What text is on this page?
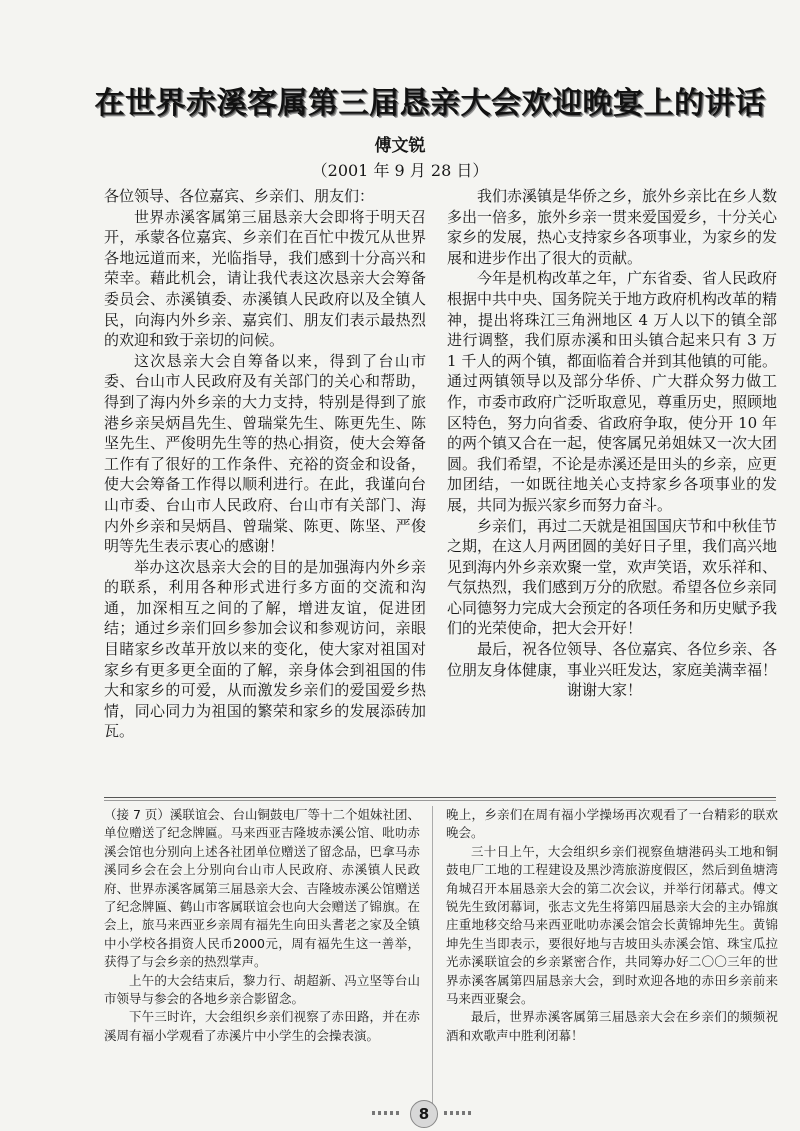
在世界赤溪客属第三届恳亲大会欢迎晚宴上的讲话
傅文锐
（2001 年 9 月 28 日）

各位领导、各位嘉宾、乡亲们、朋友们：

世界赤溪客属第三届恳亲大会即将于明天召开，承蒙各位嘉宾、乡亲们在百忙中拨冗从世界各地远道而来，光临指导，我们感到十分高兴和荣幸。藉此机会，请让我代表这次恳亲大会筹备委员会、赤溪镇委、赤溪镇人民政府以及全镇人民，向海内外乡亲、嘉宾们、朋友们表示最热烈的欢迎和致于亲切的问候。

这次恳亲大会自筹备以来，得到了台山市委、台山市人民政府及有关部门的关心和帮助，得到了海内外乡亲的大力支持，特别是得到了旅港乡亲吴炳昌先生、曾瑞棠先生、陈更先生、陈坚先生、严俊明先生等的热心捐资，使大会筹备工作有了很好的工作条件、充裕的资金和设备，使大会筹备工作得以顺利进行。在此，我谨向台山市委、台山市人民政府、台山市有关部门、海内外乡亲和吴炳昌、曾瑞棠、陈更、陈坚、严俊明等先生表示衷心的感谢！

举办这次恳亲大会的目的是加强海内外乡亲的联系，利用各种形式进行多方面的交流和沟通，加深相互之间的了解，增进友谊，促进团结；通过乡亲们回乡参加会议和参观访问，亲眼目睹家乡改革开放以来的变化，使大家对祖国对家乡有更多更全面的了解，亲身体会到祖国的伟大和家乡的可爱，从而激发乡亲们的爱国爱乡热情，同心同力为祖国的繁荣和家乡的发展添砖加瓦。

我们赤溪镇是华侨之乡，旅外乡亲比在乡人数多出一倍多，旅外乡亲一贯来爱国爱乡，十分关心家乡的发展，热心支持家乡各项事业，为家乡的发展和进步作出了很大的贡献。

今年是机构改革之年，广东省委、省人民政府根据中共中央、国务院关于地方政府机构改革的精神，提出将珠江三角洲地区 4 万人以下的镇全部进行调整，我们原赤溪和田头镇合起来只有 3 万 1 千人的两个镇，都面临着合并到其他镇的可能。通过两镇领导以及部分华侨、广大群众努力做工作，市委市政府广泛听取意见，尊重历史，照顾地区特色，努力向省委、省政府争取，使分开 10 年的两个镇又合在一起，使客属兄弟姐妹又一次大团圆。我们希望，不论是赤溪还是田头的乡亲，应更加团结，一如既往地关心支持家乡各项事业的发展，共同为振兴家乡而努力奋斗。

乡亲们，再过二天就是祖国国庆节和中秋佳节之期，在这人月两团圆的美好日子里，我们高兴地见到海内外乡亲欢聚一堂，欢声笑语，欢乐祥和、气氛热烈，我们感到万分的欣慰。希望各位乡亲同心同德努力完成大会预定的各项任务和历史赋予我们的光荣使命，把大会开好！

最后，祝各位领导、各位嘉宾、各位乡亲、各位朋友身体健康，事业兴旺发达，家庭美满幸福！

谢谢大家！

（接 7 页）溪联谊会、台山铜鼓电厂等十二个姐妹社团、单位赠送了纪念牌匾。马来西亚吉隆坡赤溪公馆、吡叻赤溪会馆也分别向上述各社团单位赠送了留念品，巴拿马赤溪同乡会在会上分别向台山市人民政府、赤溪镇人民政府、世界赤溪客属第三届恳亲大会、吉隆坡赤溪公馆赠送了纪念牌匾、鹤山市客属联谊会也向大会赠送了锦旗。在会上，旅马来西亚乡亲周有福先生向田头耆老之家及全镇中小学校各捐资人民币2000元，周有福先生这一善举，获得了与会乡亲的热烈掌声。

上午的大会结束后，黎力行、胡超新、冯立坚等台山市领导与参会的各地乡亲合影留念。

下午三时许，大会组织乡亲们视察了赤田路，并在赤溪周有福小学观看了赤溪片中小学生的会操表演。

晚上，乡亲们在周有福小学操场再次观看了一台精彩的联欢晚会。

三十日上午，大会组织乡亲们视察鱼塘港码头工地和铜鼓电厂工地的工程建设及黑沙湾旅游度假区，然后到鱼塘湾角城召开本届恳亲大会的第二次会议，并举行闭幕式。傅文锐先生致闭幕词，张志文先生将第四届恳亲大会的主办锦旗庄重地移交给马来西亚吡叻赤溪会馆会长黄锦坤先生。黄锦坤先生当即表示，要很好地与吉坡田头赤溪会馆、珠宝瓜拉光赤溪联谊会的乡亲紧密合作，共同筹办好二〇〇三年的世界赤溪客属第四届恳亲大会，到时欢迎各地的赤田乡亲前来马来西亚聚会。

最后，世界赤溪客属第三届恳亲大会在乡亲们的频频祝酒和欢歌声中胜利闭幕！

8
